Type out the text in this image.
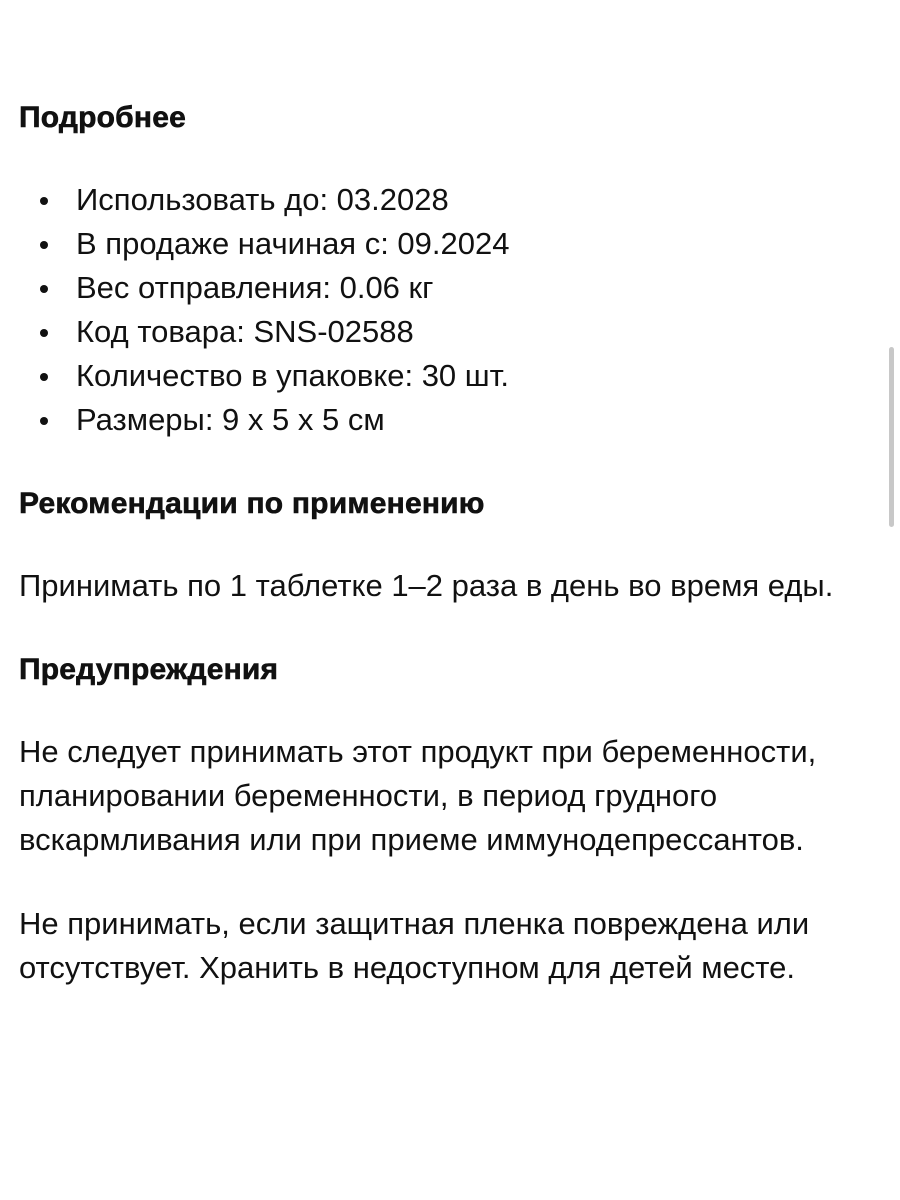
Подробнее
Использовать до: 03.2028
В продаже начиная с: 09.2024
Вес отправления: 0.06 кг
Код товара: SNS-02588
Количество в упаковке: 30 шт.
Размеры: 9 x 5 x 5 см
Рекомендации по применению

Принимать по 1 таблетке 1–2 раза в день во время еды.

Предупреждения

Не следует принимать этот продукт при беременности, планировании беременности, в период грудного вскармливания или при приеме иммунодепрессантов.

Не принимать, если защитная пленка повреждена или отсутствует. Хранить в недоступном для детей месте.
